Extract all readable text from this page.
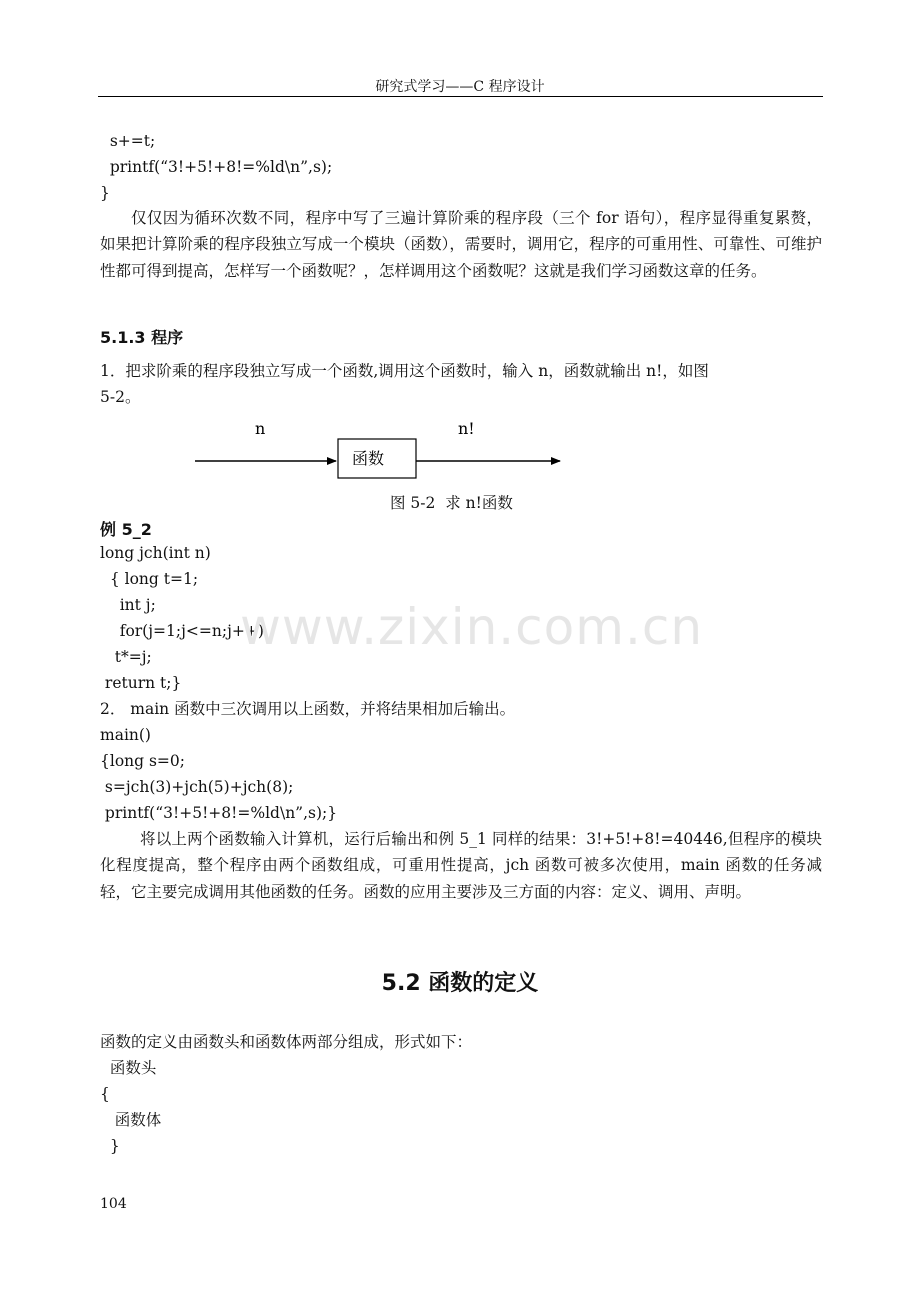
研究式学习——C 程序设计
s+=t;
printf(“3!+5!+8!=%ld\n”,s);
}
仅仅因为循环次数不同，程序中写了三遍计算阶乘的程序段（三个 for 语句），程序显得重复累赘，如果把计算阶乘的程序段独立写成一个模块（函数），需要时，调用它，程序的可重用性、可靠性、可维护性都可得到提高，怎样写一个函数呢？，怎样调用这个函数呢？这就是我们学习函数这章的任务。
5.1.3 程序
1．把求阶乘的程序段独立写成一个函数,调用这个函数时，输入 n，函数就输出 n!，如图
5-2。
n	n!
函数
图 5-2  求 n!函数
例 5_2
long jch(int n)
{ long t=1;
int j;
for(j=1;j<=n;j++)
t*=j;
return t;}
2． main 函数中三次调用以上函数，并将结果相加后输出。
main()
{long s=0;
s=jch(3)+jch(5)+jch(8);
printf(“3!+5!+8!=%ld\n”,s);}
将以上两个函数输入计算机，运行后输出和例 5_1 同样的结果：3!+5!+8!=40446,但程序的模块化程度提高，整个程序由两个函数组成，可重用性提高，jch 函数可被多次使用，main 函数的任务减轻，它主要完成调用其他函数的任务。函数的应用主要涉及三方面的内容：定义、调用、声明。
5.2 函数的定义
函数的定义由函数头和函数体两部分组成，形式如下：
函数头
{
函数体
}
www.zixin.com.cn
104
